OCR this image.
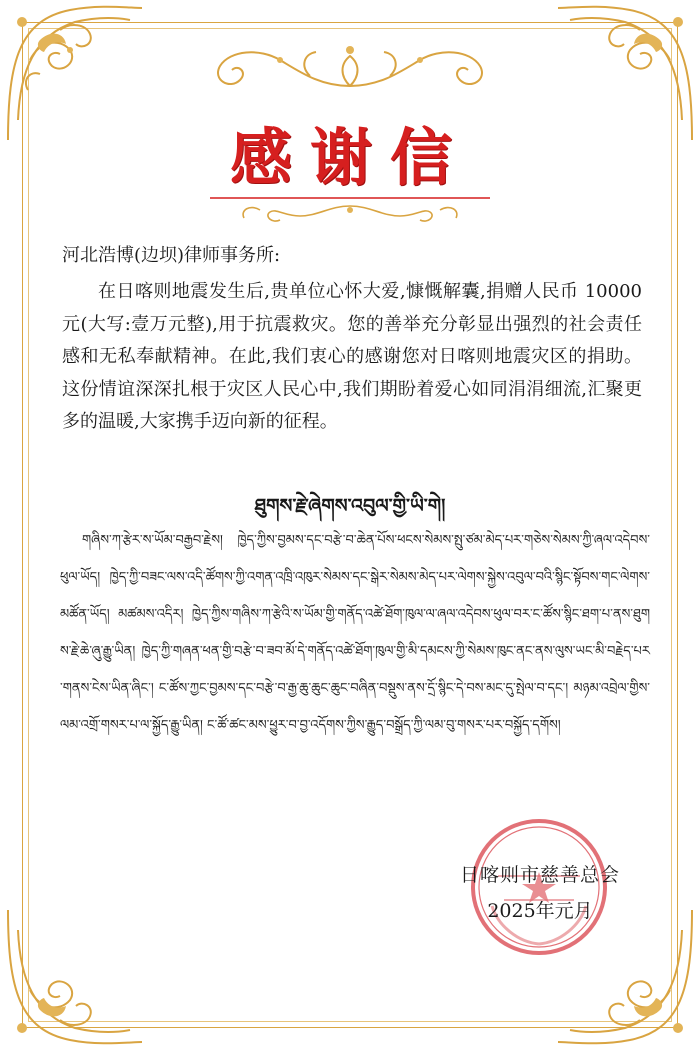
感谢信
河北浩博(边坝)律师事务所:
在日喀则地震发生后,贵单位心怀大爱,慷慨解囊,捐赠人民币 10000 元(大写:壹万元整),用于抗震救灾。您的善举充分彰显出强烈的社会责任感和无私奉献精神。在此,我们衷心的感谢您对日喀则地震灾区的捐助。这份情谊深深扎根于灾区人民心中,我们期盼着爱心如同涓涓细流,汇聚更多的温暖,大家携手迈向新的征程。
ཐུགས་རྗེ་ཞེགས་འབུལ་གྱི་ཡི་གེ།
གཞིས་ཀ་རྩེར་ས་ཡོམ་བརྒྱབ་རྗེས། ཁྱེད་ཀྱིས་བྱམས་དང་བརྩེ་བ་ཆེན་པོས་ཕངས་སེམས་སྤུ་ཙམ་མེད་པར་གཅེས་སེམས་ཀྱི་ཞལ་འདེབས་ཕུལ་ཡོད། ཁྱེད་ཀྱི་བཟང་ལས་འདི་ཚོགས་ཀྱི་འགན་འཁྲི་འཁུར་སེམས་དང་སྒེར་སེམས་མེད་པར་ལེགས་སྐྱེས་འབུལ་བའི་སྙིང་སྟོབས་གང་ལེགས་མཚོན་ཡོད། མཚམས་འདིར། ཁྱེད་ཀྱིས་གཞིས་ཀ་རྩེའི་ས་ཡོམ་གྱི་གནོད་འཚེ་ཐོག་ཁུལ་ལ་ཞལ་འདེབས་ཕུལ་བར་ང་ཚོས་སྙིང་ཐག་པ་ནས་ཐུགས་རྗེ་ཆེ་ཞུ་རྒྱུ་ཡིན། ཁྱེད་ཀྱི་གཞན་ཕན་གྱི་བརྩེ་བ་ཟབ་མོ་དེ་གནོད་འཚེ་ཐོག་ཁུལ་གྱི་མི་དམངས་ཀྱི་སེམས་ཁུང་ནང་ནས་ལུས་ཡང་མི་བརྗེད་པར་གནས་ངེས་ཡིན་ཞིང་། ང་ཚོས་ཀྱང་བྱམས་དང་བརྩེ་བ་རྒྱ་ཆུ་ཆུང་ཆུང་བཞིན་བསྡུས་ནས་དྲོ་སྙིང་དེ་བས་མང་དུ་སྤེལ་བ་དང་། མཉམ་འབྲེལ་གྱིས་ལམ་འགྲོ་གསར་པ་ལ་སྐྱོད་རྒྱུ་ཡིན། ང་ཚོ་ཚང་མས་ཕྱུར་བ་བྱ་འདོགས་ཀྱིས་རྒྱུད་བསྒྲོད་ཀྱི་ལམ་བུ་གསར་པར་བསྐྱོད་དགོས།
日喀则市慈善总会
2025年元月
